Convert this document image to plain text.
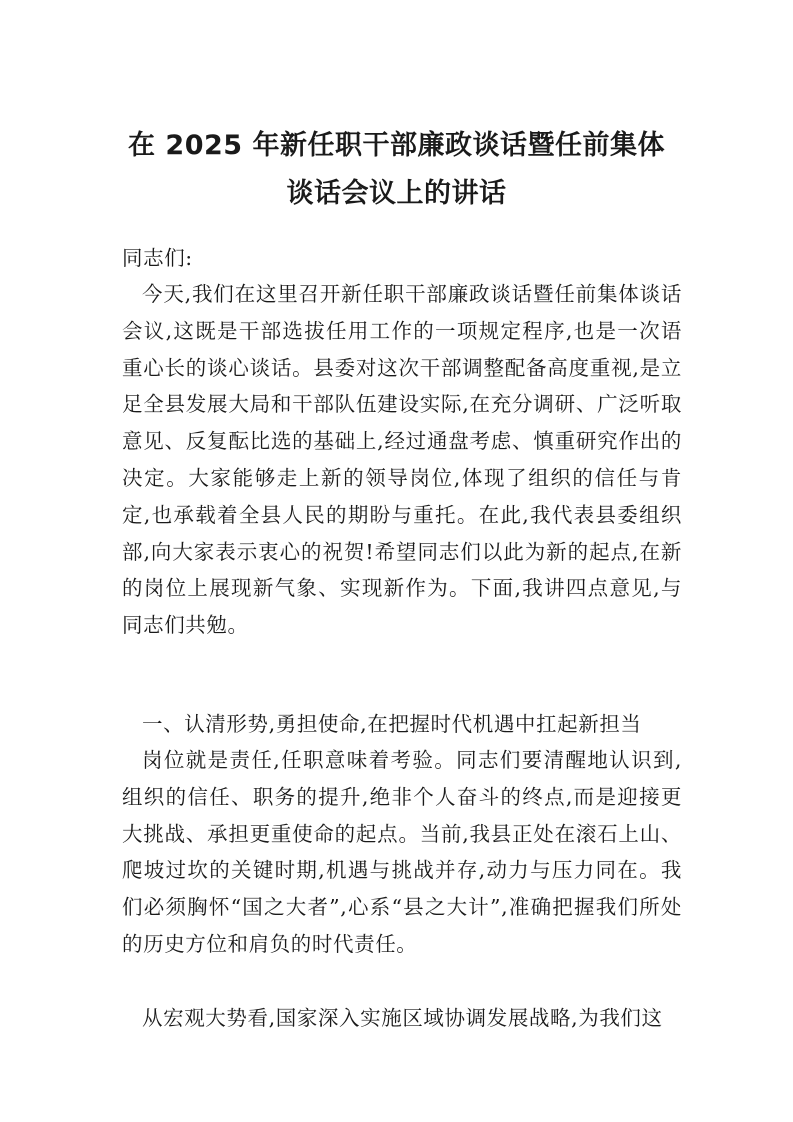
在 2025 年新任职干部廉政谈话暨任前集体
谈话会议上的讲话
同志们:
今天,我们在这里召开新任职干部廉政谈话暨任前集体谈话会议,这既是干部选拔任用工作的一项规定程序,也是一次语重心长的谈心谈话。县委对这次干部调整配备高度重视,是立足全县发展大局和干部队伍建设实际,在充分调研、广泛听取意见、反复酝比选的基础上,经过通盘考虑、慎重研究作出的决定。大家能够走上新的领导岗位,体现了组织的信任与肯定,也承载着全县人民的期盼与重托。在此,我代表县委组织部,向大家表示衷心的祝贺!希望同志们以此为新的起点,在新的岗位上展现新气象、实现新作为。下面,我讲四点意见,与同志们共勉。
一、认清形势,勇担使命,在把握时代机遇中扛起新担当
岗位就是责任,任职意味着考验。同志们要清醒地认识到,组织的信任、职务的提升,绝非个人奋斗的终点,而是迎接更大挑战、承担更重使命的起点。当前,我县正处在滚石上山、爬坡过坎的关键时期,机遇与挑战并存,动力与压力同在。我们必须胸怀“国之大者”,心系“县之大计”,准确把握我们所处的历史方位和肩负的时代责任。
从宏观大势看,国家深入实施区域协调发展战略,为我们这
